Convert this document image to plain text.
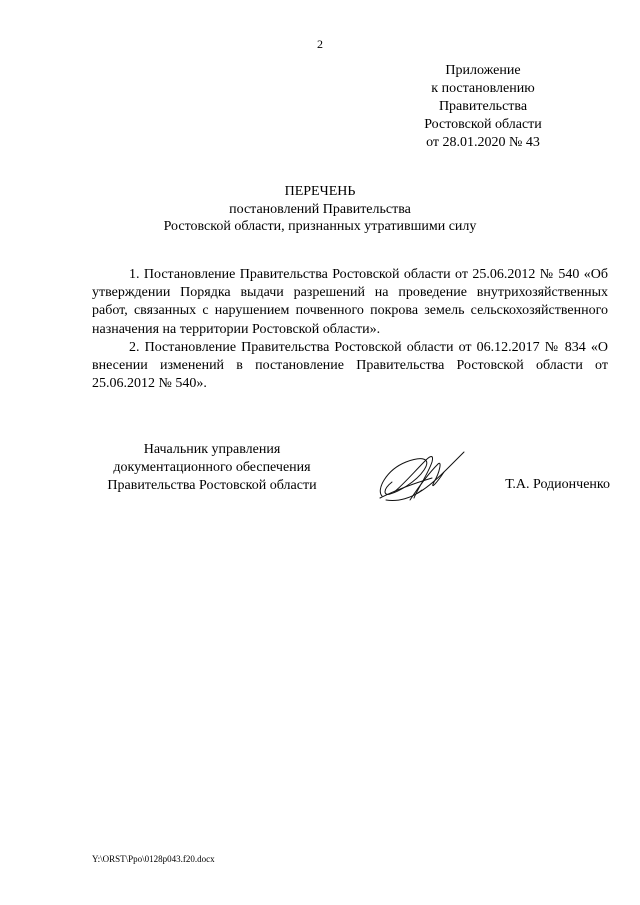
2
Приложение
к постановлению
Правительства
Ростовской области
от 28.01.2020 № 43
ПЕРЕЧЕНЬ
постановлений Правительства
Ростовской области, признанных утратившими силу

1. Постановление Правительства Ростовской области от 25.06.2012 № 540 «Об утверждении Порядка выдачи разрешений на проведение внутрихозяйственных работ, связанных с нарушением почвенного покрова земель сельскохозяйственного назначения на территории Ростовской области».

2. Постановление Правительства Ростовской области от 06.12.2017 № 834 «О внесении изменений в постановление Правительства Ростовской области от 25.06.2012 № 540».

Начальник управления
документационного обеспечения
Правительства Ростовской области	Т.А. Родионченко
Y:\ORST\Ppo\0128p043.f20.docx
